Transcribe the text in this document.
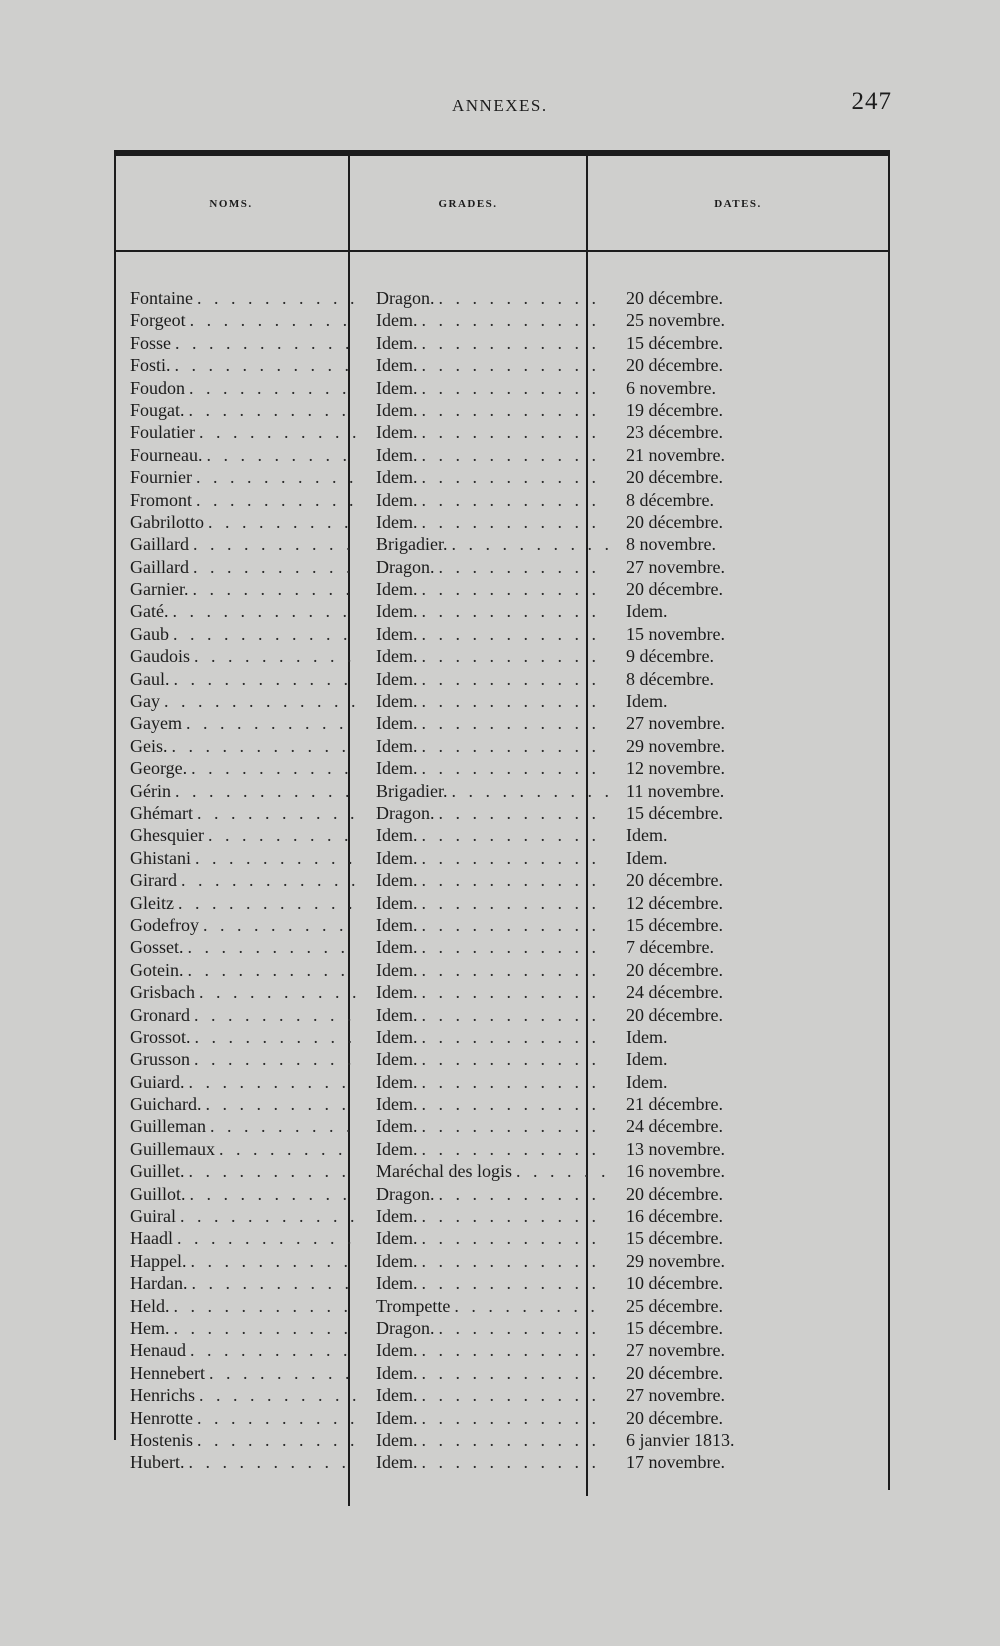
ANNEXES.	247
NOMS.	GRADES.	DATES.
Fontaine . . .	Dragon. . . .	20 décembre.
Forgeot . . .	Idem. . . .	25 novembre.
Fosse . . .	Idem. . . .	15 décembre.
Fosti. . . .	Idem. . . .	20 décembre.
Foudon . . .	Idem. . . .	6 novembre.
Fougat. . . .	Idem. . . .	19 décembre.
Foulatier . . .	Idem. . . .	23 décembre.
Fourneau. . . .	Idem. . . .	21 novembre.
Fournier . . .	Idem. . . .	20 décembre.
Fromont . . .	Idem. . . .	8 décembre.
Gabrilotto . . .	Idem. . . .	20 décembre.
Gaillard . . .	Brigadier. . . .	8 novembre.
Gaillard . . .	Dragon. . . .	27 novembre.
Garnier. . . .	Idem. . . .	20 décembre.
Gaté. . . .	Idem. . . .	Idem.
Gaub . . .	Idem. . . .	15 novembre.
Gaudois . . .	Idem. . . .	9 décembre.
Gaul. . . .	Idem. . . .	8 décembre.
Gay . . .	Idem. . . .	Idem.
Gayem . . .	Idem. . . .	27 novembre.
Geis. . . .	Idem. . . .	29 novembre.
George. . . .	Idem. . . .	12 novembre.
Gérin . . .	Brigadier. . . .	11 novembre.
Ghémart . . .	Dragon. . . .	15 décembre.
Ghesquier . . .	Idem. . . .	Idem.
Ghistani . . .	Idem. . . .	Idem.
Girard . . .	Idem. . . .	20 décembre.
Gleitz . . .	Idem. . . .	12 décembre.
Godefroy . . .	Idem. . . .	15 décembre.
Gosset. . . .	Idem. . . .	7 décembre.
Gotein. . . .	Idem. . . .	20 décembre.
Grisbach . . .	Idem. . . .	24 décembre.
Gronard . . .	Idem. . . .	20 décembre.
Grossot. . . .	Idem. . . .	Idem.
Grusson . . .	Idem. . . .	Idem.
Guiard. . . .	Idem. . . .	Idem.
Guichard. . . .	Idem. . . .	21 décembre.
Guilleman . . .	Idem. . . .	24 décembre.
Guillemaux . . .	Idem. . . .	13 novembre.
Guillet. . . .	Maréchal des logis . . .	16 novembre.
Guillot. . . .	Dragon. . . .	20 décembre.
Guiral . . .	Idem. . . .	16 décembre.
Haadl . . .	Idem. . . .	15 décembre.
Happel. . . .	Idem. . . .	29 novembre.
Hardan. . . .	Idem. . . .	10 décembre.
Held. . . .	Trompette . . .	25 décembre.
Hem. . . .	Dragon. . . .	15 décembre.
Henaud . . .	Idem. . . .	27 novembre.
Hennebert . . .	Idem. . . .	20 décembre.
Henrichs . . .	Idem. . . .	27 novembre.
Henrotte . . .	Idem. . . .	20 décembre.
Hostenis . . .	Idem. . . .	6 janvier 1813.
Hubert. . . .	Idem. . . .	17 novembre.
